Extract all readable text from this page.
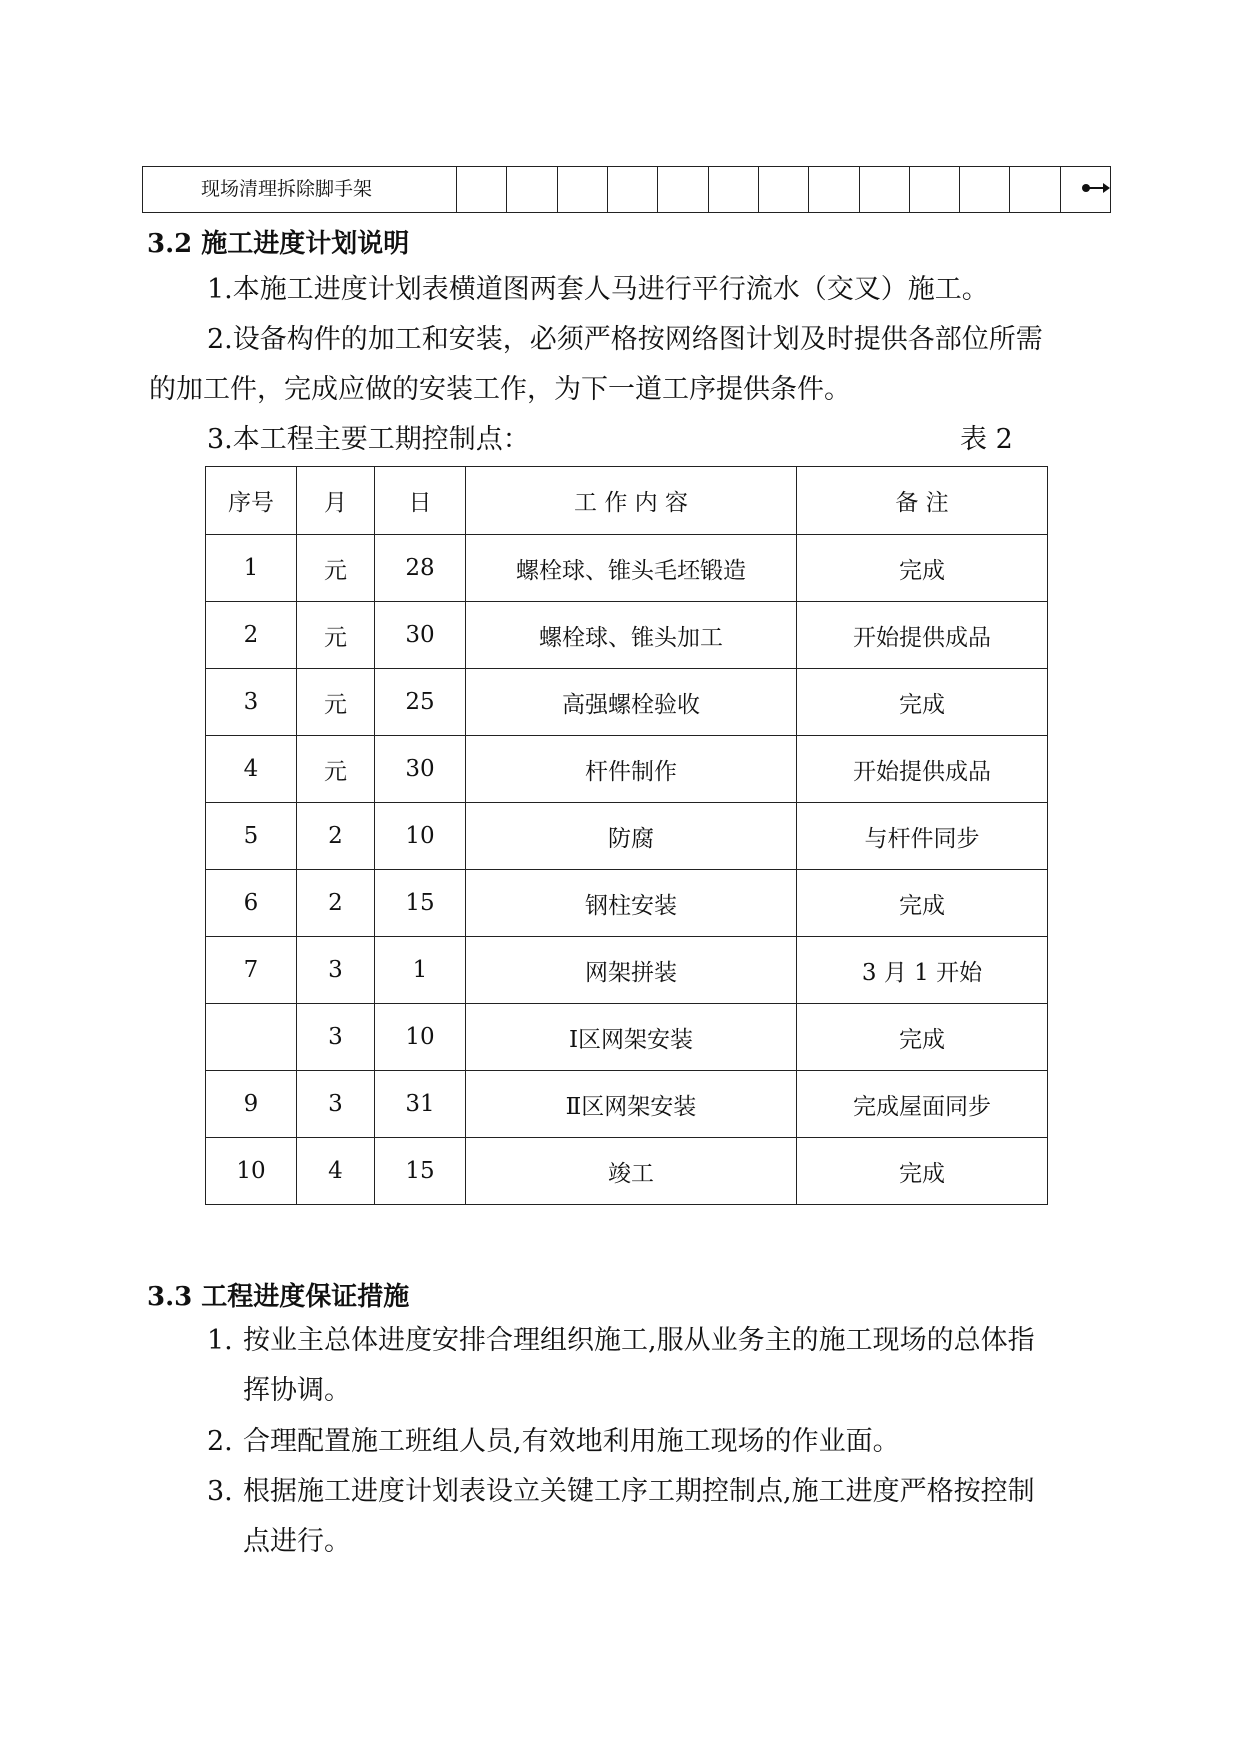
现场清理拆除脚手架
3.2 施工进度计划说明
1.本施工进度计划表横道图两套人马进行平行流水（交叉）施工。
2.设备构件的加工和安装，必须严格按网络图计划及时提供各部位所需
的加工件，完成应做的安装工作，为下一道工序提供条件。
3.本工程主要工期控制点：	表 2
序号	月	日	工 作 内 容	备 注
1	元	28	螺栓球、锥头毛坯锻造	完成
2	元	30	螺栓球、锥头加工	开始提供成品
3	元	25	高强螺栓验收	完成
4	元	30	杆件制作	开始提供成品
5	2	10	防腐	与杆件同步
6	2	15	钢柱安装	完成
7	3	1	网架拼装	3 月 1 开始
	3	10	Ⅰ区网架安装	完成
9	3	31	Ⅱ区网架安装	完成屋面同步
10	4	15	竣工	完成
3.3 工程进度保证措施
1. 按业主总体进度安排合理组织施工,服从业务主的施工现场的总体指
挥协调。
2. 合理配置施工班组人员,有效地利用施工现场的作业面。
3. 根据施工进度计划表设立关键工序工期控制点,施工进度严格按控制
点进行。
